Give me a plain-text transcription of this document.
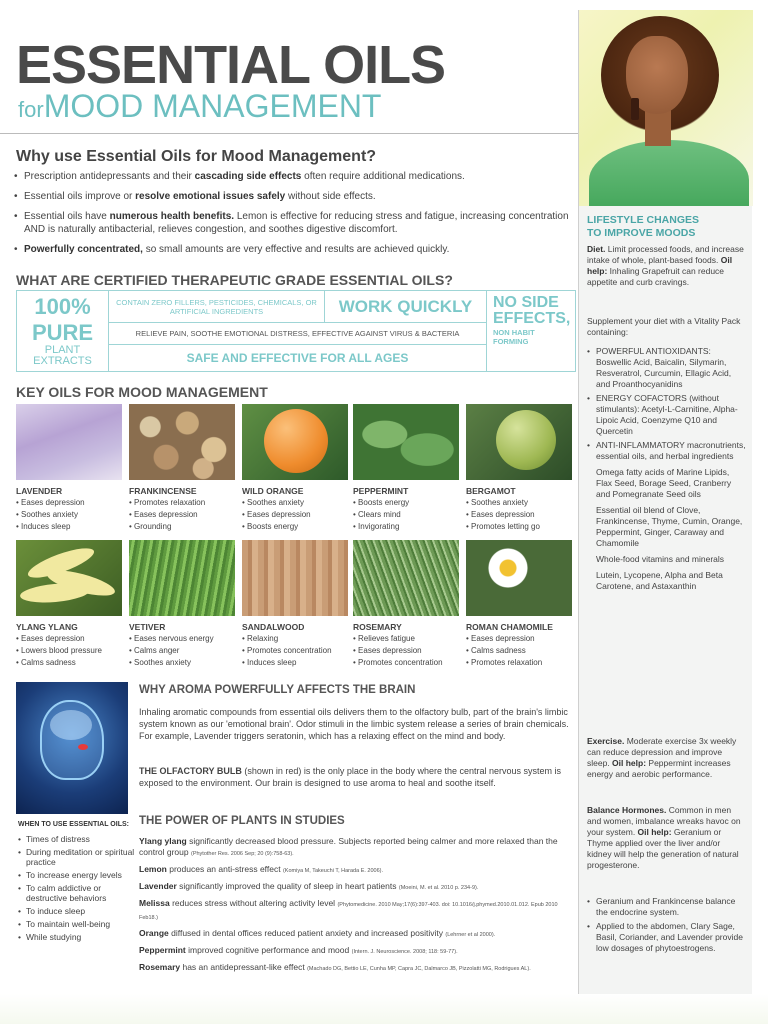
ESSENTIAL OILS
forMOOD MANAGEMENT
Why use Essential Oils for Mood Management?
• Prescription antidepressants and their cascading side effects often require additional medications.
• Essential oils improve or resolve emotional issues safely without side effects.
• Essential oils have numerous health benefits. Lemon is effective for reducing stress and fatigue, increasing concentration AND is naturally antibacterial, relieves congestion, and soothes digestive discomfort.
• Powerfully concentrated, so small amounts are very effective and results are achieved quickly.
WHAT ARE CERTIFIED THERAPEUTIC GRADE ESSENTIAL OILS?
100%
PURE
PLANT EXTRACTS
CONTAIN ZERO FILLERS, PESTICIDES, CHEMICALS, OR ARTIFICIAL INGREDIENTS	WORK QUICKLY
RELIEVE PAIN, SOOTHE EMOTIONAL DISTRESS, EFFECTIVE AGAINST VIRUS & BACTERIA
SAFE AND EFFECTIVE FOR ALL AGES
NO SIDE EFFECTS,
NON HABIT FORMING
KEY OILS FOR MOOD MANAGEMENT
LAVENDER
• Eases depression
• Soothes anxiety
• Induces sleep
FRANKINCENSE
• Promotes relaxation
• Eases depression
• Grounding
WILD ORANGE
• Soothes anxiety
• Eases depression
• Boosts energy
PEPPERMINT
• Boosts energy
• Clears mind
• Invigorating
BERGAMOT
• Soothes anxiety
• Eases depression
• Promotes letting go
YLANG YLANG
• Eases depression
• Lowers blood pressure
• Calms sadness
VETIVER
• Eases nervous energy
• Calms anger
• Soothes anxiety
SANDALWOOD
• Relaxing
• Promotes concentration
• Induces sleep
ROSEMARY
• Relieves fatigue
• Eases depression
• Promotes concentration
ROMAN CHAMOMILE
• Eases depression
• Calms sadness
• Promotes relaxation
WHEN TO USE ESSENTIAL OILS:
• Times of distress
• During meditation or spiritual practice
• To increase energy levels
• To calm addictive or destructive behaviors
• To induce sleep
• To maintain well-being
• While studying
WHY AROMA POWERFULLY AFFECTS THE BRAIN
Inhaling aromatic compounds from essential oils delivers them to the olfactory bulb, part of the brain's limbic system known as our 'emotional brain'. Odor stimuli in the limbic system release a series of brain chemicals. For example, Lavender triggers seratonin, which has a relaxing effect on the mind and body.
THE OLFACTORY BULB (shown in red) is the only place in the body where the central nervous system is exposed to the environment. Our brain is designed to use aroma to heal and soothe itself.
THE POWER OF PLANTS IN STUDIES

Ylang ylang significantly decreased blood pressure. Subjects reported being calmer and more relaxed than the control group (Phytother Res. 2006 Sep; 20 (9):758-63).

Lemon produces an anti-stress effect (Komiya M, Takeuchi T, Harada E. 2006).

Lavender significantly improved the quality of sleep in heart patients (Moeini, M. et al. 2010 p. 234-9).

Melissa reduces stress without altering activity level (Phytomedicine. 2010 May;17(6):397-403. doi: 10.1016/j.phymed.2010.01.012. Epub 2010 Feb18.)

Orange diffused in dental offices reduced patient anxiety and increased positivity (Lehrner et al 2000).

Peppermint improved cognitive performance and mood (Intern. J. Neuroscience. 2008; 118: 59-77).

Rosemary has an antidepressant-like effect (Machado DG, Bettio LE, Cunha MP, Capra JC, Dalmarco JB, Pizzolatti MG, Rodrigues AL).

LIFESTYLE CHANGES
TO IMPROVE MOODS
Diet. Limit processed foods, and increase intake of whole, plant-based foods. Oil help: Inhaling Grapefruit can reduce appetite and curb cravings.
Supplement your diet with a Vitality Pack containing:
• POWERFUL ANTIOXIDANTS: Boswellic Acid, Baicalin, Silymarin, Resveratrol, Curcumin, Ellagic Acid, and Proanthocyanidins
• ENERGY COFACTORS (without stimulants): Acetyl-L-Carnitine, Alpha-Lipoic Acid, Coenzyme Q10 and Quercetin
• ANTI-INFLAMMATORY macronutrients, essential oils, and herbal ingredients
Omega fatty acids of Marine Lipids, Flax Seed, Borage Seed, Cranberry and Pomegranate Seed oils
Essential oil blend of Clove, Frankincense, Thyme, Cumin, Orange, Peppermint, Ginger, Caraway and Chamomile
Whole-food vitamins and minerals
Lutein, Lycopene, Alpha and Beta Carotene, and Astaxanthin
Exercise. Moderate exercise 3x weekly can reduce depression and improve sleep. Oil help: Peppermint increases energy and aerobic performance.
Balance Hormones. Common in men and women, imbalance wreaks havoc on your system. Oil help: Geranium or Thyme applied over the liver and/or kidney will help the generation of natural progesterone.
• Geranium and Frankincense balance the endocrine system.
• Applied to the abdomen, Clary Sage, Basil, Coriander, and Lavender provide low dosages of phytoestrogens.
